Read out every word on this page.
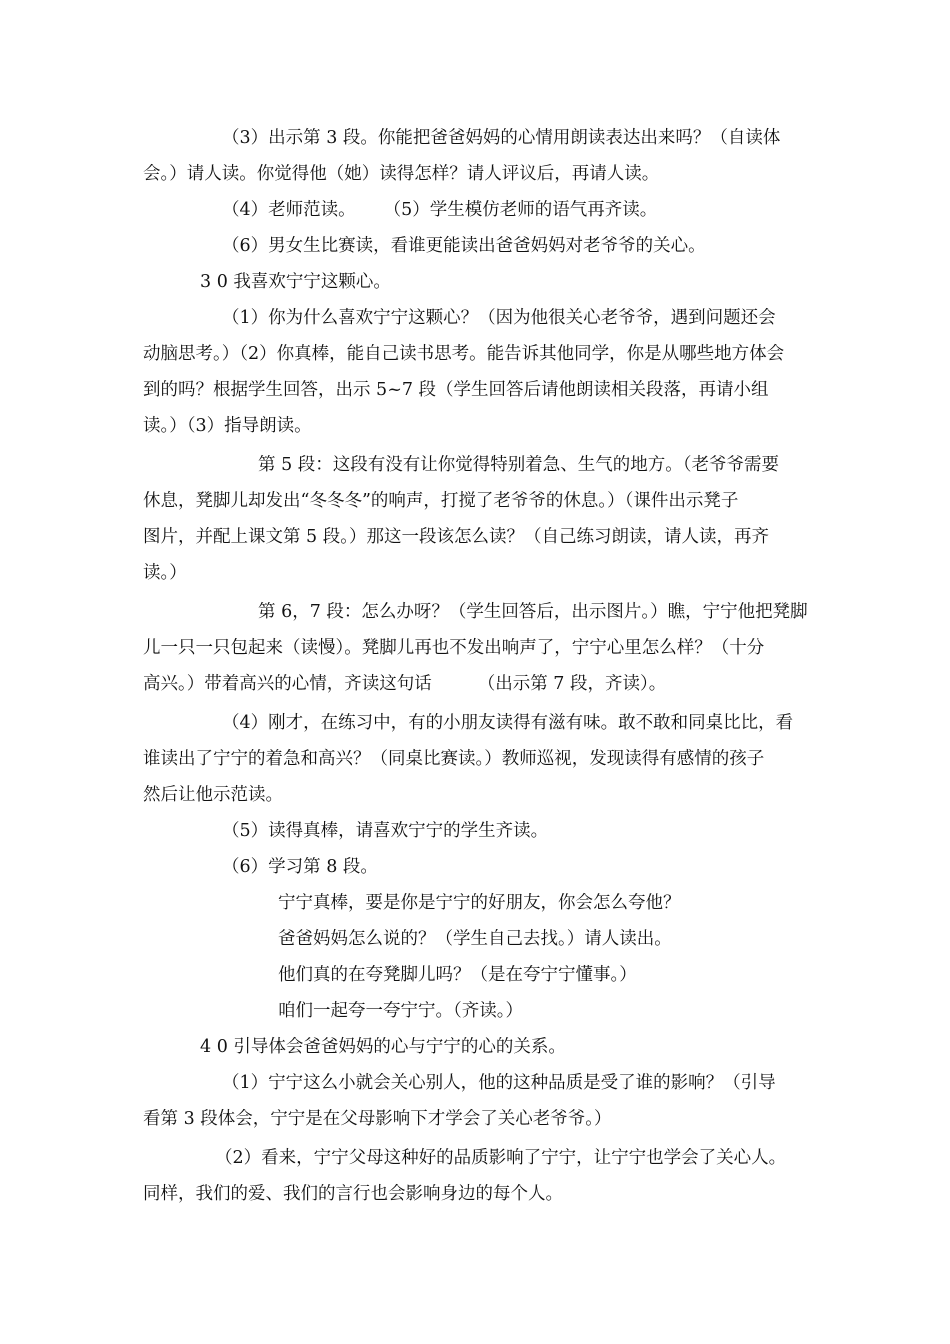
（3）出示第 3 段。你能把爸爸妈妈的心情用朗读表达出来吗？（自读体
会。）请人读。你觉得他（她）读得怎样？请人评议后，再请人读。
（4）老师范读。 （5）学生模仿老师的语气再齐读。
（6）男女生比赛读，看谁更能读出爸爸妈妈对老爷爷的关心。
3 0 我喜欢宁宁这颗心。
（1）你为什么喜欢宁宁这颗心？（因为他很关心老爷爷，遇到问题还会
动脑思考。）（2）你真棒，能自己读书思考。能告诉其他同学，你是从哪些地方体会
到的吗？根据学生回答，出示 5~7 段（学生回答后请他朗读相关段落，再请小组
读。）（3）指导朗读。
第 5 段：这段有没有让你觉得特别着急、生气的地方。（老爷爷需要
休息，凳脚儿却发出“冬冬冬”的响声，打搅了老爷爷的休息。）（课件出示凳子
图片，并配上课文第 5 段。）那这一段该怎么读？（自己练习朗读，请人读，再齐
读。）
第 6，7 段：怎么办呀？（学生回答后，出示图片。）瞧，宁宁他把凳脚
儿一只一只包起来（读慢）。凳脚儿再也不发出响声了，宁宁心里怎么样？（十分
高兴。）带着高兴的心情，齐读这句话	（出示第 7 段，齐读）。
（4）刚才，在练习中，有的小朋友读得有滋有味。敢不敢和同桌比比，看
谁读出了宁宁的着急和高兴？（同桌比赛读。）教师巡视，发现读得有感情的孩子
然后让他示范读。
（5）读得真棒，请喜欢宁宁的学生齐读。
（6）学习第 8 段。
宁宁真棒，要是你是宁宁的好朋友，你会怎么夸他？
爸爸妈妈怎么说的？（学生自己去找。）请人读出。
他们真的在夸凳脚儿吗？（是在夸宁宁懂事。）
咱们一起夸一夸宁宁。（齐读。）
4 0 引导体会爸爸妈妈的心与宁宁的心的关系。
（1）宁宁这么小就会关心别人，他的这种品质是受了谁的影响？（引导
看第 3 段体会，宁宁是在父母影响下才学会了关心老爷爷。）
（2）看来，宁宁父母这种好的品质影响了宁宁，让宁宁也学会了关心人。
同样，我们的爱、我们的言行也会影响身边的每个人。
